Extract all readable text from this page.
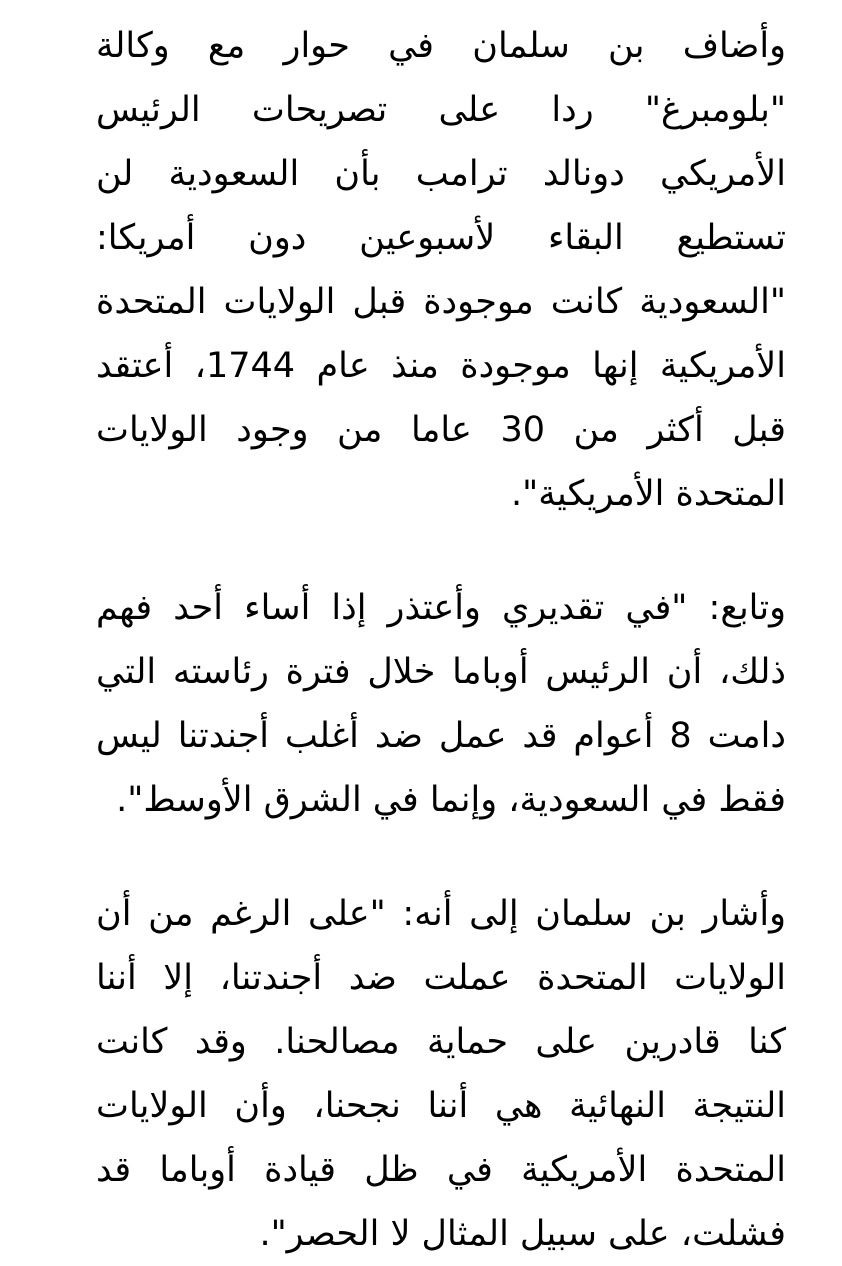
وأضاف بن سلمان في حوار مع وكالة
"بلومبرغ" ردا على تصريحات الرئيس
الأمريكي دونالد ترامب بأن السعودية لن
تستطيع البقاء لأسبوعين دون أمريكا:
"السعودية كانت موجودة قبل الولايات المتحدة
الأمريكية إنها موجودة منذ عام 1744، أعتقد
قبل أكثر من 30 عاما من وجود الولايات
المتحدة الأمريكية".
وتابع: "في تقديري وأعتذر إذا أساء أحد فهم
ذلك، أن الرئيس أوباما خلال فترة رئاسته التي
دامت 8 أعوام قد عمل ضد أغلب أجندتنا ليس
فقط في السعودية، وإنما في الشرق الأوسط".
وأشار بن سلمان إلى أنه: "على الرغم من أن
الولايات المتحدة عملت ضد أجندتنا، إلا أننا
كنا قادرين على حماية مصالحنا. وقد كانت
النتيجة النهائية هي أننا نجحنا، وأن الولايات
المتحدة الأمريكية في ظل قيادة أوباما قد
فشلت، على سبيل المثال لا الحصر".
